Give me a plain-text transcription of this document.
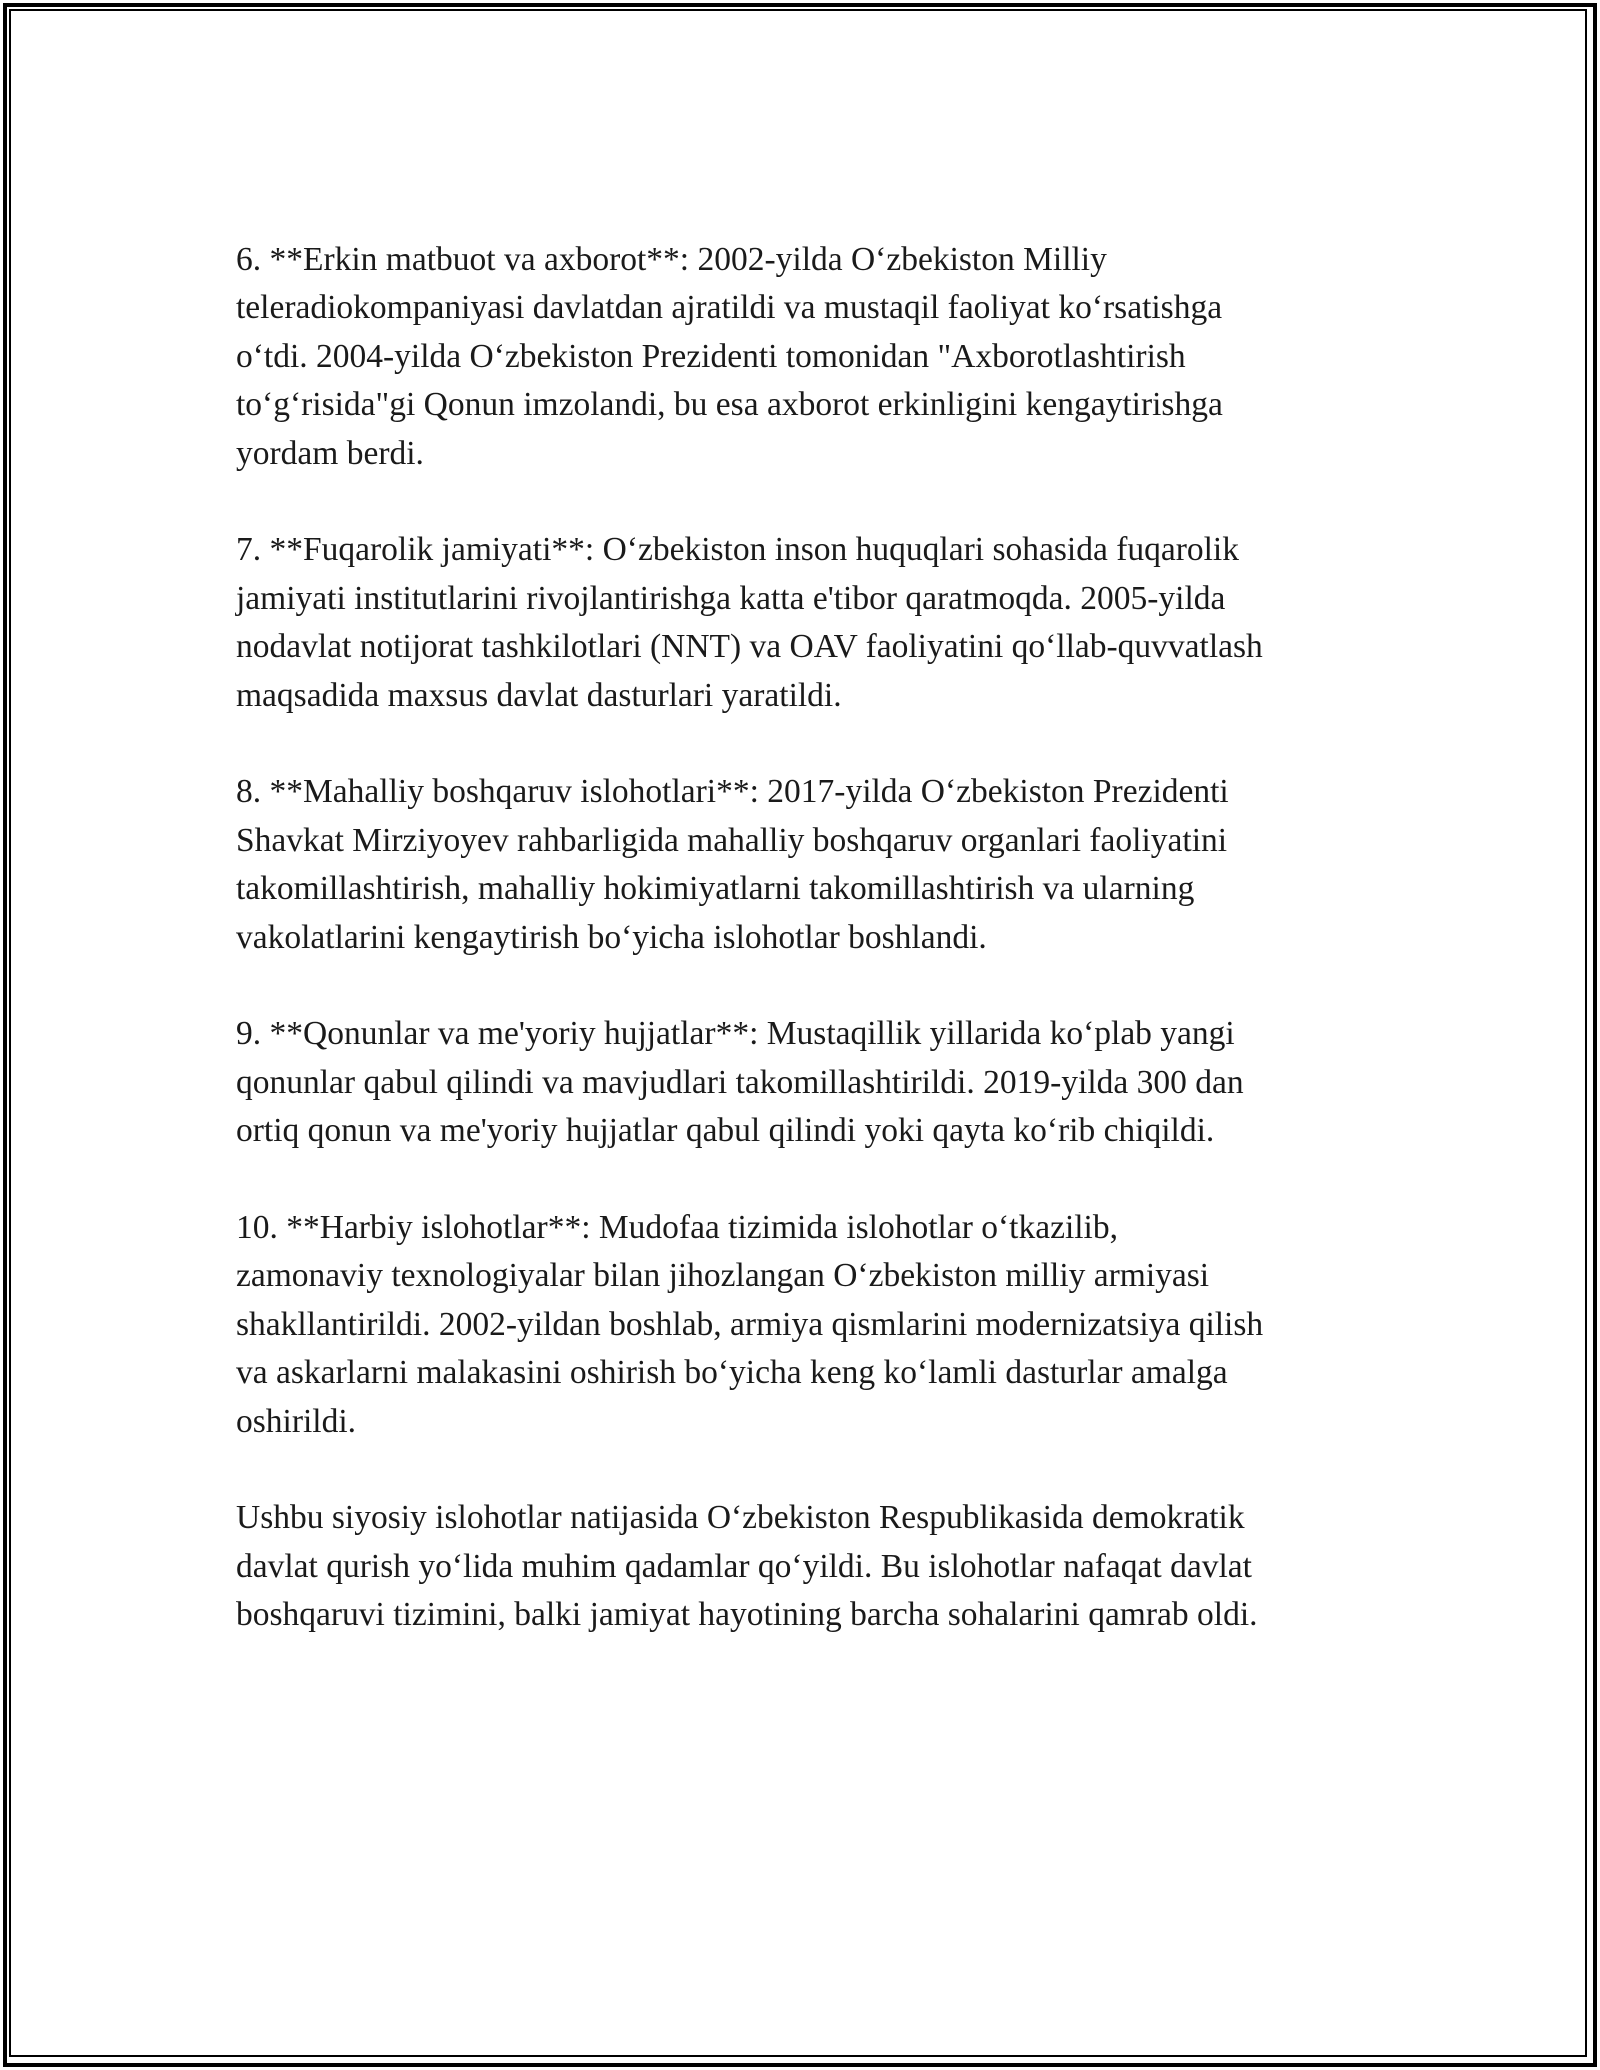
6. **Erkin matbuot va axborot**: 2002-yilda O‘zbekiston Milliy
teleradiokompaniyasi davlatdan ajratildi va mustaqil faoliyat ko‘rsatishga
o‘tdi. 2004-yilda O‘zbekiston Prezidenti tomonidan "Axborotlashtirish
to‘g‘risida"gi Qonun imzolandi, bu esa axborot erkinligini kengaytirishga
yordam berdi.

7. **Fuqarolik jamiyati**: O‘zbekiston inson huquqlari sohasida fuqarolik
jamiyati institutlarini rivojlantirishga katta e'tibor qaratmoqda. 2005-yilda
nodavlat notijorat tashkilotlari (NNT) va OAV faoliyatini qo‘llab-quvvatlash
maqsadida maxsus davlat dasturlari yaratildi.

8. **Mahalliy boshqaruv islohotlari**: 2017-yilda O‘zbekiston Prezidenti
Shavkat Mirziyoyev rahbarligida mahalliy boshqaruv organlari faoliyatini
takomillashtirish, mahalliy hokimiyatlarni takomillashtirish va ularning
vakolatlarini kengaytirish bo‘yicha islohotlar boshlandi.

9. **Qonunlar va me'yoriy hujjatlar**: Mustaqillik yillarida ko‘plab yangi
qonunlar qabul qilindi va mavjudlari takomillashtirildi. 2019-yilda 300 dan
ortiq qonun va me'yoriy hujjatlar qabul qilindi yoki qayta ko‘rib chiqildi.

10. **Harbiy islohotlar**: Mudofaa tizimida islohotlar o‘tkazilib,
zamonaviy texnologiyalar bilan jihozlangan O‘zbekiston milliy armiyasi
shakllantirildi. 2002-yildan boshlab, armiya qismlarini modernizatsiya qilish
va askarlarni malakasini oshirish bo‘yicha keng ko‘lamli dasturlar amalga
oshirildi.

Ushbu siyosiy islohotlar natijasida O‘zbekiston Respublikasida demokratik
davlat qurish yo‘lida muhim qadamlar qo‘yildi. Bu islohotlar nafaqat davlat
boshqaruvi tizimini, balki jamiyat hayotining barcha sohalarini qamrab oldi.
